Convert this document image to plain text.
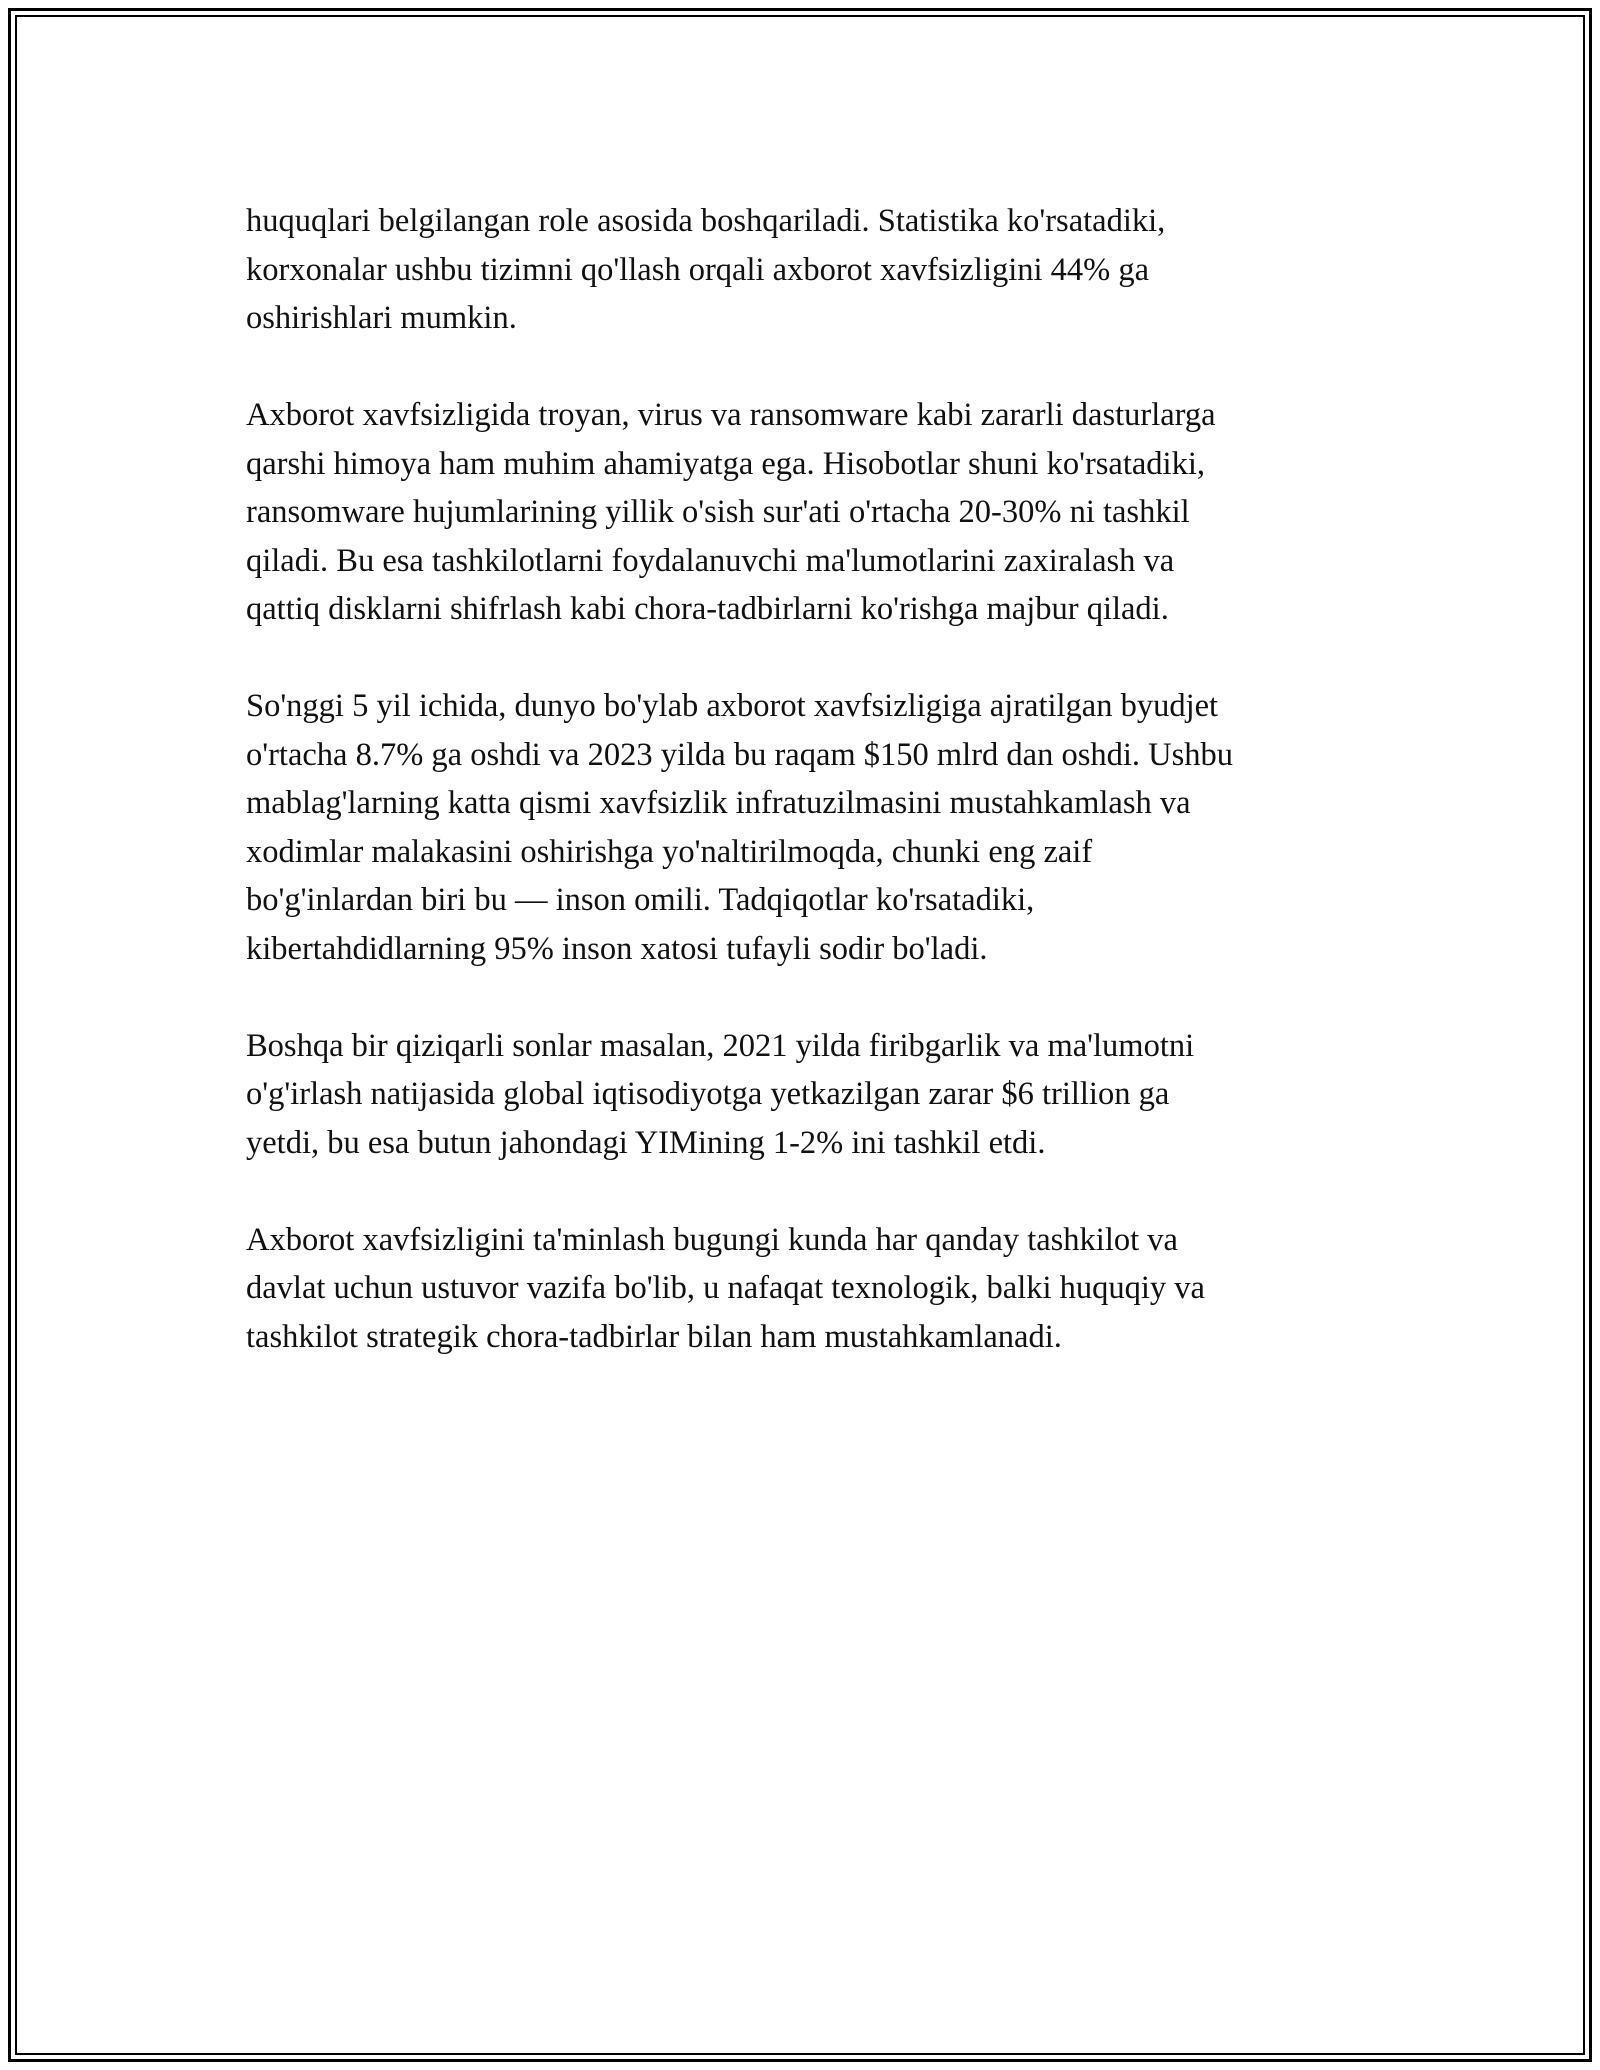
huquqlari belgilangan role asosida boshqariladi. Statistika ko'rsatadiki,
korxonalar ushbu tizimni qo'llash orqali axborot xavfsizligini 44% ga
oshirishlari mumkin.

Axborot xavfsizligida troyan, virus va ransomware kabi zararli dasturlarga
qarshi himoya ham muhim ahamiyatga ega. Hisobotlar shuni ko'rsatadiki,
ransomware hujumlarining yillik o'sish sur'ati o'rtacha 20-30% ni tashkil
qiladi. Bu esa tashkilotlarni foydalanuvchi ma'lumotlarini zaxiralash va
qattiq disklarni shifrlash kabi chora-tadbirlarni ko'rishga majbur qiladi.

So'nggi 5 yil ichida, dunyo bo'ylab axborot xavfsizligiga ajratilgan byudjet
o'rtacha 8.7% ga oshdi va 2023 yilda bu raqam $150 mlrd dan oshdi. Ushbu
mablag'larning katta qismi xavfsizlik infratuzilmasini mustahkamlash va
xodimlar malakasini oshirishga yo'naltirilmoqda, chunki eng zaif
bo'g'inlardan biri bu — inson omili. Tadqiqotlar ko'rsatadiki,
kibertahdidlarning 95% inson xatosi tufayli sodir bo'ladi.

Boshqa bir qiziqarli sonlar masalan, 2021 yilda firibgarlik va ma'lumotni
o'g'irlash natijasida global iqtisodiyotga yetkazilgan zarar $6 trillion ga
yetdi, bu esa butun jahondagi YIMining 1-2% ini tashkil etdi.

Axborot xavfsizligini ta'minlash bugungi kunda har qanday tashkilot va
davlat uchun ustuvor vazifa bo'lib, u nafaqat texnologik, balki huquqiy va
tashkilot strategik chora-tadbirlar bilan ham mustahkamlanadi.
